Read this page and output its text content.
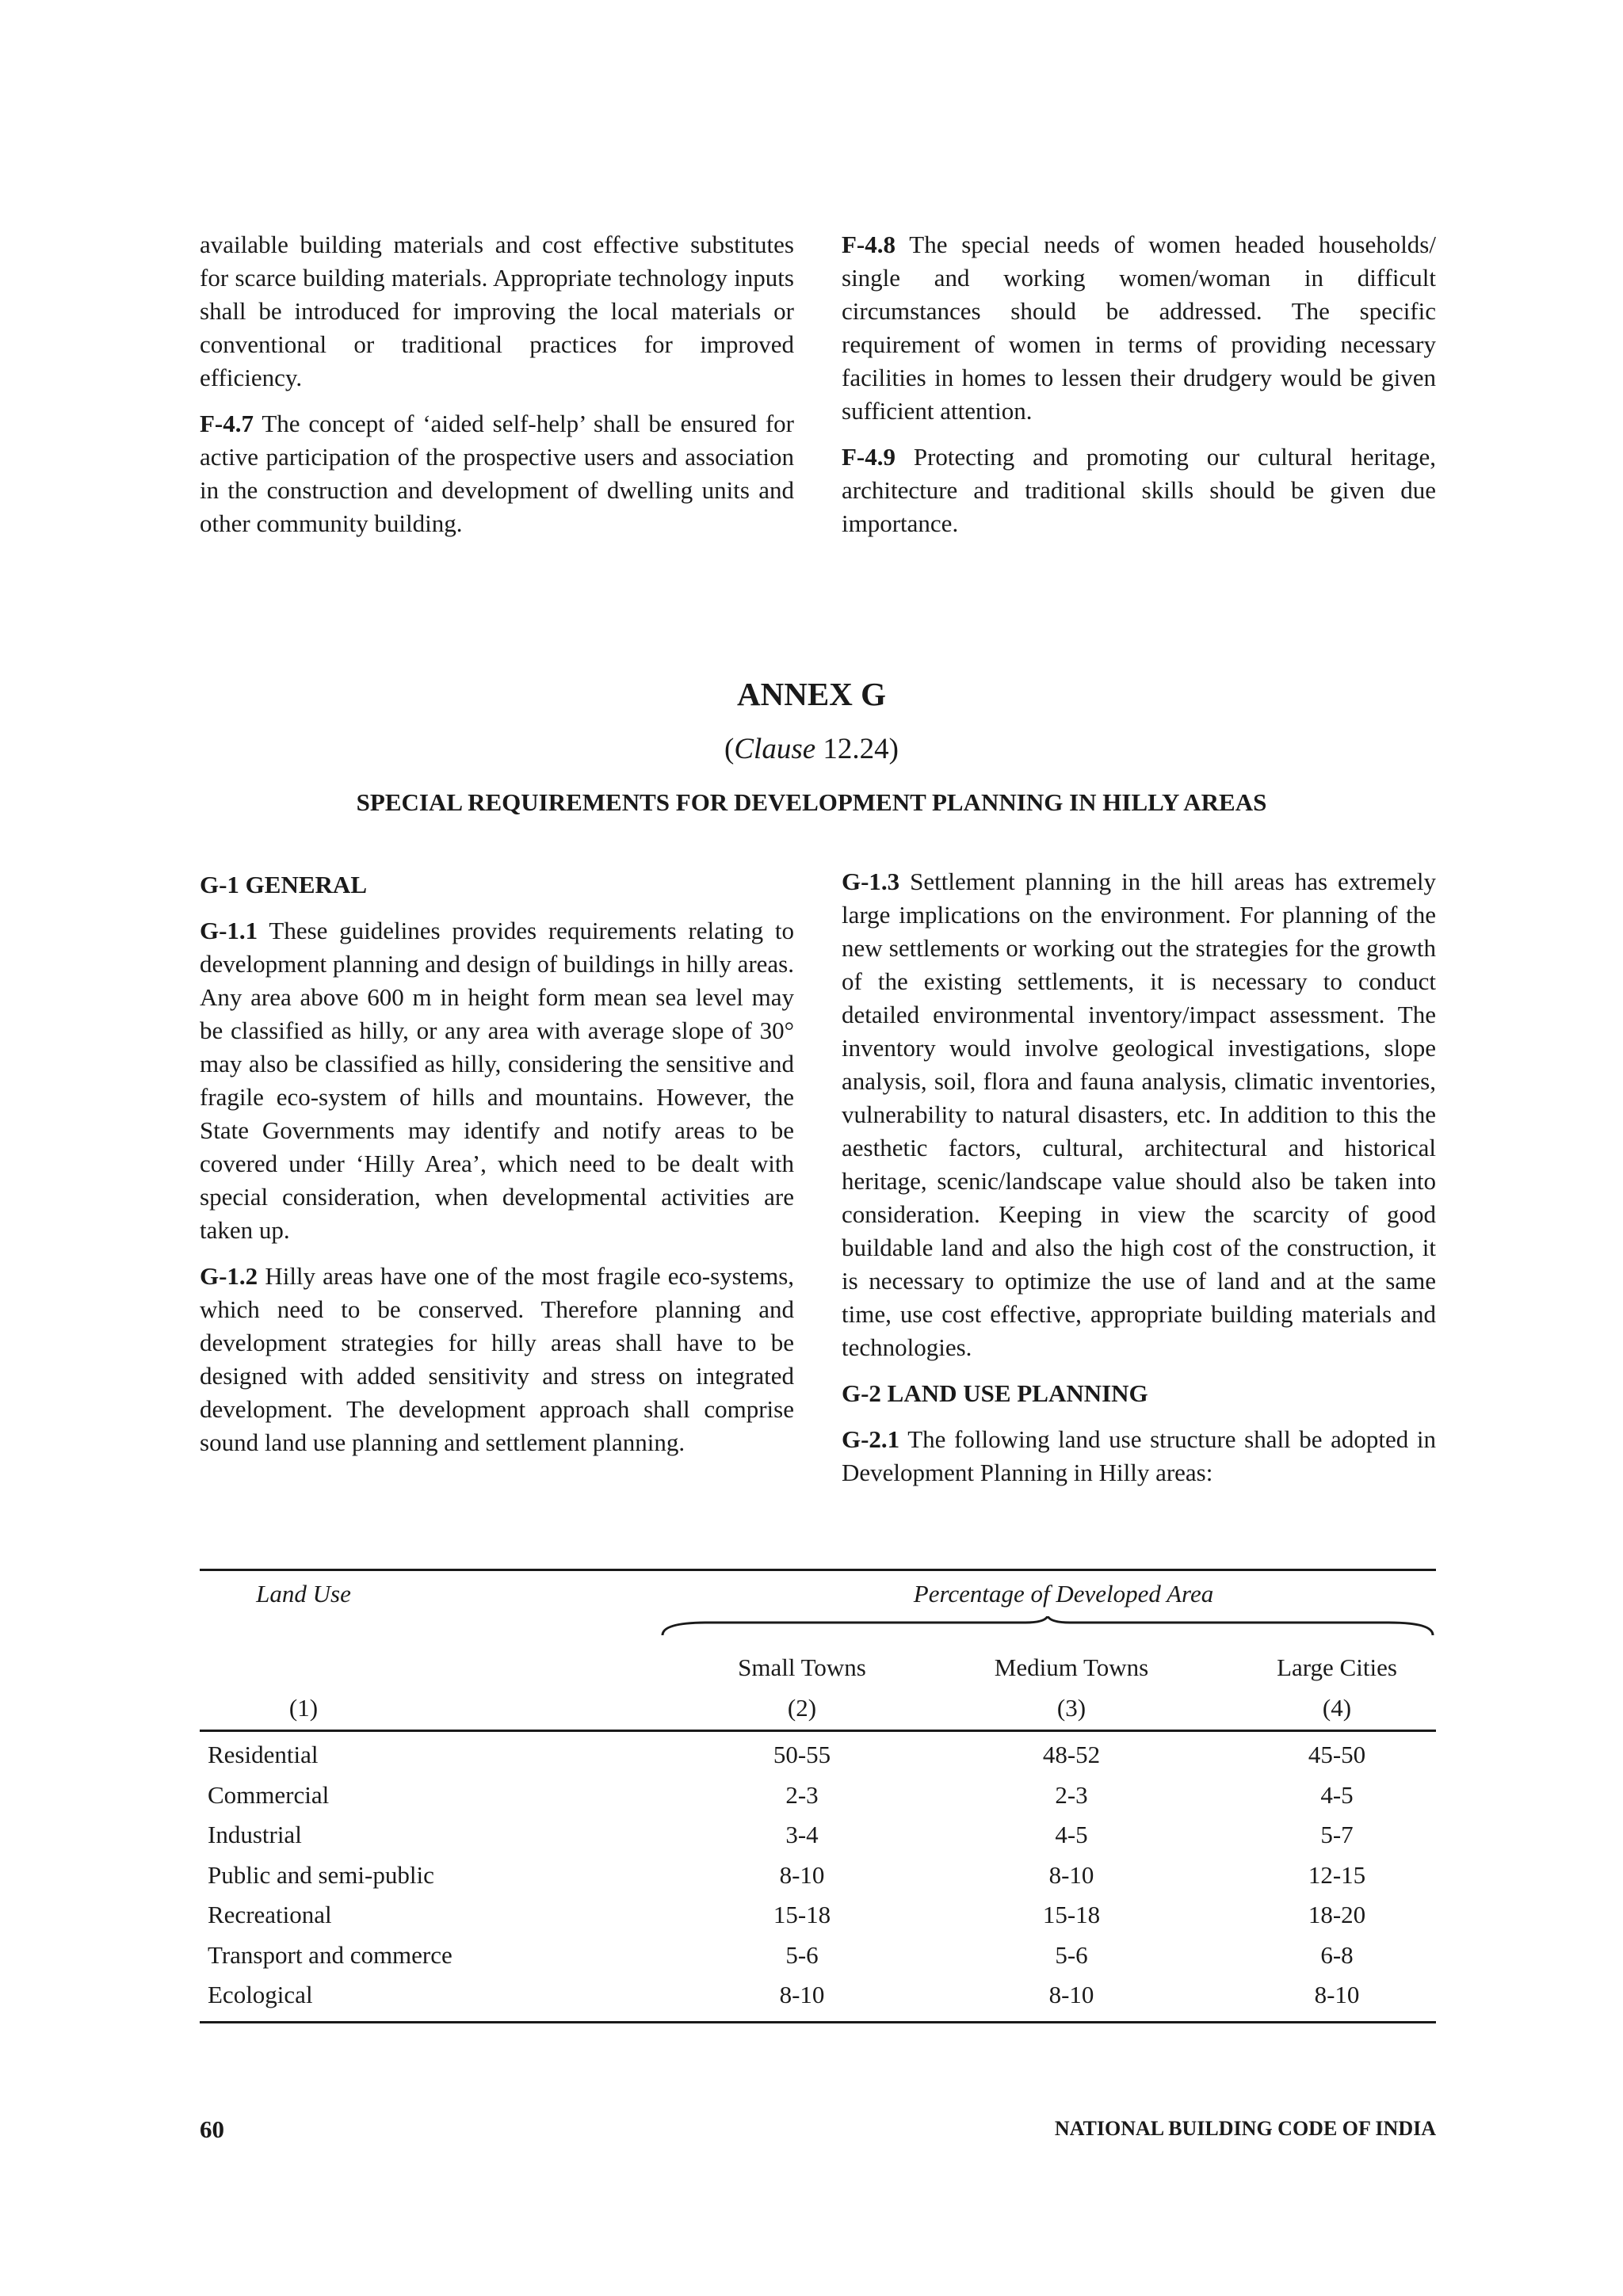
available building materials and cost effective substitutes for scarce building materials. Appropriate technology inputs shall be introduced for improving the local materials or conventional or traditional practices for improved efficiency.

F-4.7 The concept of ‘aided self-help’ shall be ensured for active participation of the prospective users and association in the construction and development of dwelling units and other community building.

F-4.8 The special needs of women headed households/ single and working women/woman in difficult circumstances should be addressed. The specific requirement of women in terms of providing necessary facilities in homes to lessen their drudgery would be given sufficient attention.

F-4.9 Protecting and promoting our cultural heritage, architecture and traditional skills should be given due importance.

ANNEX G
(Clause 12.24)
SPECIAL REQUIREMENTS FOR DEVELOPMENT PLANNING IN HILLY AREAS
G-1 GENERAL

G-1.1 These guidelines provides requirements relating to development planning and design of buildings in hilly areas. Any area above 600 m in height form mean sea level may be classified as hilly, or any area with average slope of 30° may also be classified as hilly, considering the sensitive and fragile eco-system of hills and mountains. However, the State Governments may identify and notify areas to be covered under ‘Hilly Area’, which need to be dealt with special consideration, when developmental activities are taken up.

G-1.2 Hilly areas have one of the most fragile eco-systems, which need to be conserved. Therefore planning and development strategies for hilly areas shall have to be designed with added sensitivity and stress on integrated development. The development approach shall comprise sound land use planning and settlement planning.

G-1.3 Settlement planning in the hill areas has extremely large implications on the environment. For planning of the new settlements or working out the strategies for the growth of the existing settlements, it is necessary to conduct detailed environmental inventory/impact assessment. The inventory would involve geological investigations, slope analysis, soil, flora and fauna analysis, climatic inventories, vulnerability to natural disasters, etc. In addition to this the aesthetic factors, cultural, architectural and historical heritage, scenic/landscape value should also be taken into consideration. Keeping in view the scarcity of good buildable land and also the high cost of the construction, it is necessary to optimize the use of land and at the same time, use cost effective, appropriate building materials and technologies.

G-2 LAND USE PLANNING

G-2.1 The following land use structure shall be adopted in Development Planning in Hilly areas:

Land Use	Percentage of Developed Area
Small Towns	Medium Towns	Large Cities
(1)	(2)	(3)	(4)
Residential	50-55	48-52	45-50
Commercial	2-3	2-3	4-5
Industrial	3-4	4-5	5-7
Public and semi-public	8-10	8-10	12-15
Recreational	15-18	15-18	18-20
Transport and commerce	5-6	5-6	6-8
Ecological	8-10	8-10	8-10
60	NATIONAL BUILDING CODE OF INDIA
